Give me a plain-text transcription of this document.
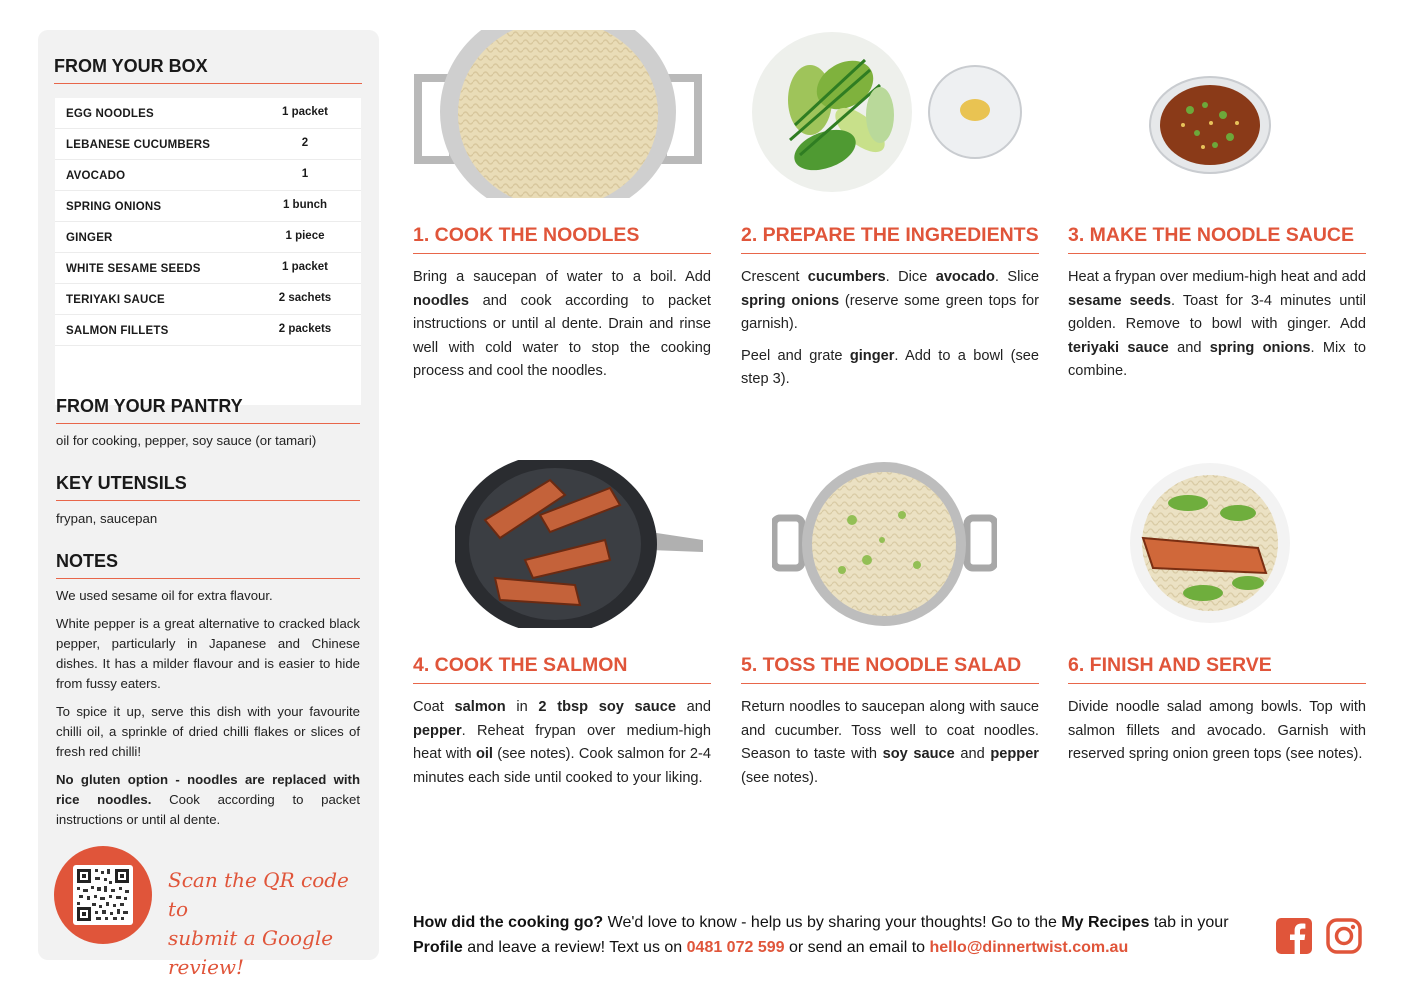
FROM YOUR BOX
EGG NOODLES	1 packet
LEBANESE CUCUMBERS	2
AVOCADO	1
SPRING ONIONS	1 bunch
GINGER	1 piece
WHITE SESAME SEEDS	1 packet
TERIYAKI SAUCE	2 sachets
SALMON FILLETS	2 packets
FROM YOUR PANTRY
oil for cooking, pepper, soy sauce (or tamari)
KEY UTENSILS
frypan, saucepan
NOTES

We used sesame oil for extra flavour.

White pepper is a great alternative to cracked black pepper, particularly in Japanese and Chinese dishes. It has a milder flavour and is easier to hide from fussy eaters.

To spice it up, serve this dish with your favourite chilli oil, a sprinkle of dried chilli flakes or slices of fresh red chilli!

No gluten option - noodles are replaced with rice noodles. Cook according to packet instructions or until al dente.

Scan the QR code to
submit a Google review!
1. COOK THE NOODLES

Bring a saucepan of water to a boil. Add noodles and cook according to packet instructions or until al dente. Drain and rinse well with cold water to stop the cooking process and cool the noodles.

2. PREPARE THE INGREDIENTS

Crescent cucumbers. Dice avocado. Slice spring onions (reserve some green tops for garnish).

Peel and grate ginger. Add to a bowl (see step 3).

3. MAKE THE NOODLE SAUCE

Heat a frypan over medium-high heat and add sesame seeds. Toast for 3-4 minutes until golden. Remove to bowl with ginger. Add teriyaki sauce and spring onions. Mix to combine.

4. COOK THE SALMON

Coat salmon in 2 tbsp soy sauce and pepper. Reheat frypan over medium-high heat with oil (see notes). Cook salmon for 2-4 minutes each side until cooked to your liking.

5. TOSS THE NOODLE SALAD

Return noodles to saucepan along with sauce and cucumber. Toss well to coat noodles. Season to taste with soy sauce and pepper (see notes).

6. FINISH AND SERVE

Divide noodle salad among bowls. Top with salmon fillets and avocado. Garnish with reserved spring onion green tops (see notes).

How did the cooking go? We'd love to know - help us by sharing your thoughts! Go to the My Recipes tab in your Profile and leave a review! Text us on 0481 072 599 or send an email to hello@dinnertwist.com.au
